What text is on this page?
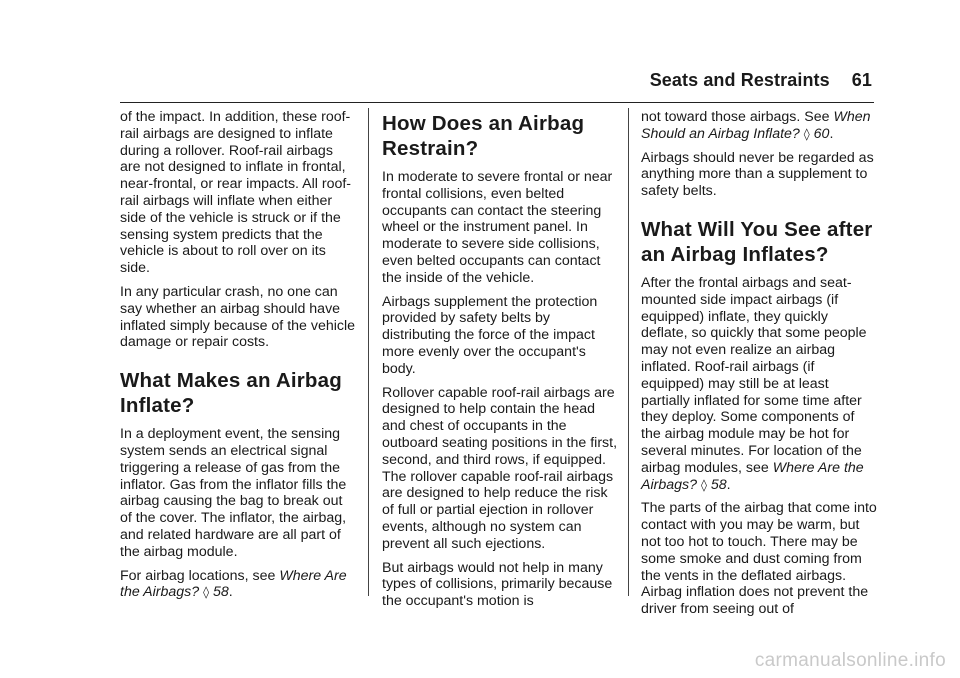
Seats and Restraints 61

of the impact. In addition, these roof-rail airbags are designed to inflate during a rollover. Roof-rail airbags are not designed to inflate in frontal, near-frontal, or rear impacts. All roof-rail airbags will inflate when either side of the vehicle is struck or if the sensing system predicts that the vehicle is about to roll over on its side.

In any particular crash, no one can say whether an airbag should have inflated simply because of the vehicle damage or repair costs.

What Makes an Airbag Inflate?

In a deployment event, the sensing system sends an electrical signal triggering a release of gas from the inflator. Gas from the inflator fills the airbag causing the bag to break out of the cover. The inflator, the airbag, and related hardware are all part of the airbag module.

For airbag locations, see Where Are the Airbags? ◊ 58.

How Does an Airbag Restrain?

In moderate to severe frontal or near frontal collisions, even belted occupants can contact the steering wheel or the instrument panel. In moderate to severe side collisions, even belted occupants can contact the inside of the vehicle.

Airbags supplement the protection provided by safety belts by distributing the force of the impact more evenly over the occupant's body.

Rollover capable roof-rail airbags are designed to help contain the head and chest of occupants in the outboard seating positions in the first, second, and third rows, if equipped. The rollover capable roof-rail airbags are designed to help reduce the risk of full or partial ejection in rollover events, although no system can prevent all such ejections.

But airbags would not help in many types of collisions, primarily because the occupant's motion is

not toward those airbags. See When Should an Airbag Inflate? ◊ 60.

Airbags should never be regarded as anything more than a supplement to safety belts.

What Will You See after an Airbag Inflates?

After the frontal airbags and seat-mounted side impact airbags (if equipped) inflate, they quickly deflate, so quickly that some people may not even realize an airbag inflated. Roof-rail airbags (if equipped) may still be at least partially inflated for some time after they deploy. Some components of the airbag module may be hot for several minutes. For location of the airbag modules, see Where Are the Airbags? ◊ 58.

The parts of the airbag that come into contact with you may be warm, but not too hot to touch. There may be some smoke and dust coming from the vents in the deflated airbags. Airbag inflation does not prevent the driver from seeing out of

carmanualsonline.info
